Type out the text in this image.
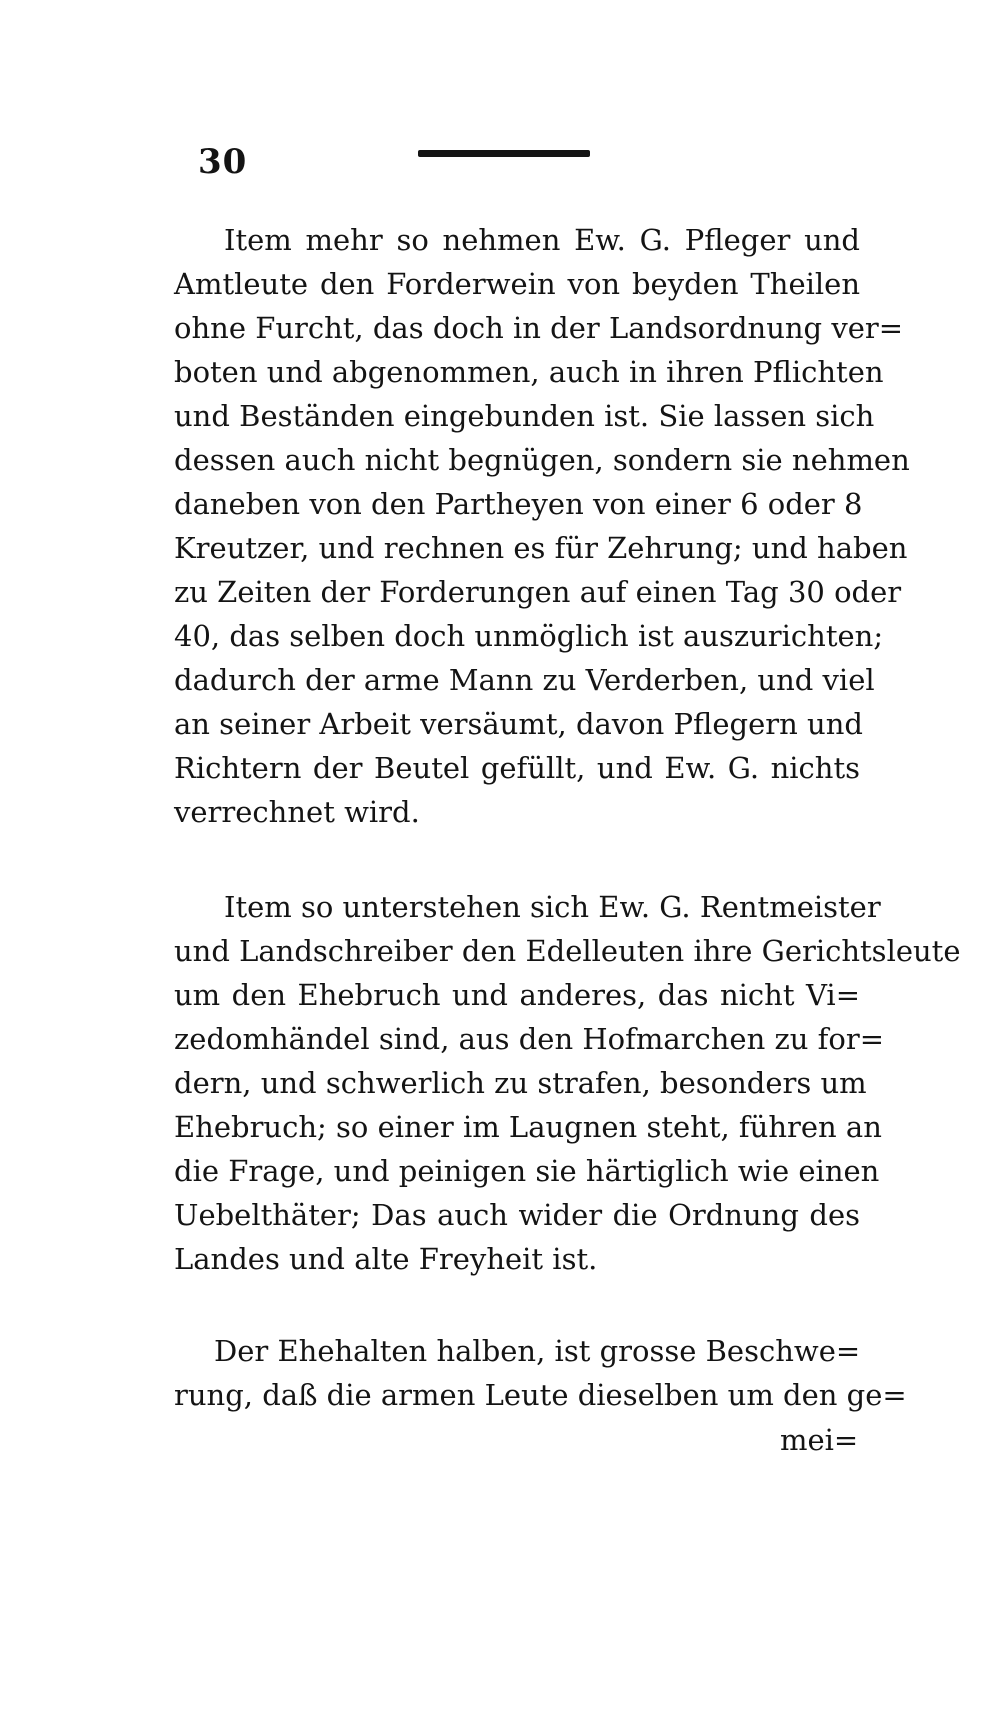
30
Item mehr so nehmen Ew. G. Pfleger und
Amtleute den Forderwein von beyden Theilen
ohne Furcht, das doch in der Landsordnung ver=
boten und abgenommen, auch in ihren Pflichten
und Beständen eingebunden ist. Sie lassen sich
dessen auch nicht begnügen, sondern sie nehmen
daneben von den Partheyen von einer 6 oder 8
Kreutzer, und rechnen es für Zehrung; und haben
zu Zeiten der Forderungen auf einen Tag 30 oder
40, das selben doch unmöglich ist auszurichten;
dadurch der arme Mann zu Verderben, und viel
an seiner Arbeit versäumt, davon Pflegern und
Richtern der Beutel gefüllt, und Ew. G. nichts
verrechnet wird.
Item so unterstehen sich Ew. G. Rentmeister
und Landschreiber den Edelleuten ihre Gerichtsleute
um den Ehebruch und anderes, das nicht Vi=
zedomhändel sind, aus den Hofmarchen zu for=
dern, und schwerlich zu strafen, besonders um
Ehebruch; so einer im Laugnen steht, führen an
die Frage, und peinigen sie härtiglich wie einen
Uebelthäter; Das auch wider die Ordnung des
Landes und alte Freyheit ist.
Der Ehehalten halben, ist grosse Beschwe=
rung, daß die armen Leute dieselben um den ge=
mei=
